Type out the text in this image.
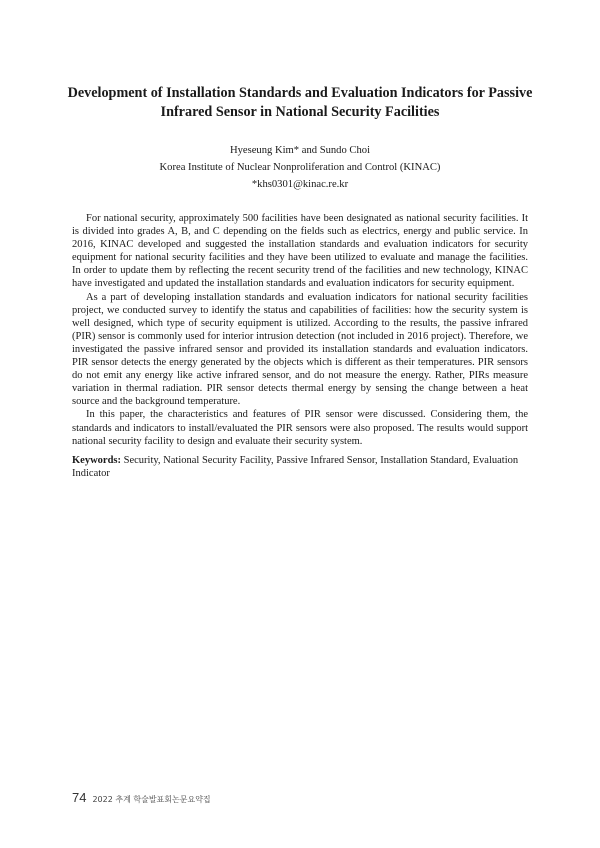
Development of Installation Standards and Evaluation Indicators for Passive
Infrared Sensor in National Security Facilities

Hyeseung Kim* and Sundo Choi

Korea Institute of Nuclear Nonproliferation and Control (KINAC)

*khs0301@kinac.re.kr

For national security, approximately 500 facilities have been designated as national security facilities. It is divided into grades A, B, and C depending on the fields such as electrics, energy and public service. In 2016, KINAC developed and suggested the installation standards and evaluation indicators for security equipment for national security facilities and they have been utilized to evaluate and manage the facilities. In order to update them by reflecting the recent security trend of the facilities and new technology, KINAC have investigated and updated the installation standards and evaluation indicators for security equipment.

As a part of developing installation standards and evaluation indicators for national security facilities project, we conducted survey to identify the status and capabilities of facilities: how the security system is well designed, which type of security equipment is utilized. According to the results, the passive infrared (PIR) sensor is commonly used for interior intrusion detection (not included in 2016 project). Therefore, we investigated the passive infrared sensor and provided its installation standards and evaluation indicators. PIR sensor detects the energy generated by the objects which is different as their temperatures. PIR sensors do not emit any energy like active infrared sensor, and do not measure the energy. Rather, PIRs measure variation in thermal radiation. PIR sensor detects thermal energy by sensing the change between a heat source and the background temperature.

In this paper, the characteristics and features of PIR sensor were discussed. Considering them, the standards and indicators to install/evaluated the PIR sensors were also proposed. The results would support national security facility to design and evaluate their security system.

Keywords: Security, National Security Facility, Passive Infrared Sensor, Installation Standard, Evaluation Indicator

74 2022 추계 학술발표회논문요약집
